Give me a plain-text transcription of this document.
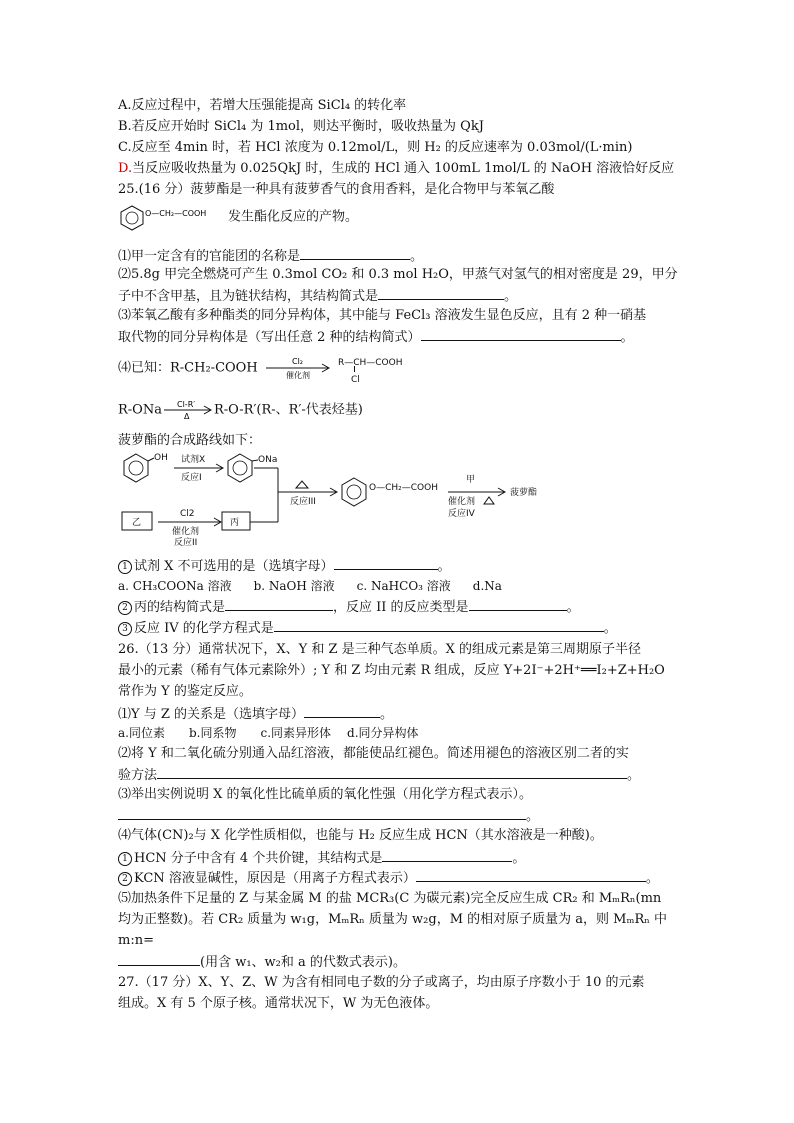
A.反应过程中，若增大压强能提高 SiCl₄ 的转化率
B.若反应开始时 SiCl₄ 为 1mol，则达平衡时，吸收热量为 QkJ
C.反应至 4min 时，若 HCl 浓度为 0.12mol/L，则 H₂ 的反应速率为 0.03mol/(L·min)
D.当反应吸收热量为 0.025QkJ 时，生成的 HCl 通入 100mL 1mol/L 的 NaOH 溶液恰好反应
25.(16 分）菠萝酯是一种具有菠萝香气的食用香料，是化合物甲与苯氧乙酸
O—CH₂—COOH 发生酯化反应的产物。
⑴甲一定含有的官能团的名称是	。
⑵5.8g 甲完全燃烧可产生 0.3mol CO₂ 和 0.3 mol H₂O，甲蒸气对氢气的相对密度是 29，甲分
子中不含甲基，且为链状结构，其结构简式是	。
⑶苯氧乙酸有多种酯类的同分异构体，其中能与 FeCl₃ 溶液发生显色反应，且有 2 种一硝基
取代物的同分异构体是（写出任意 2 种的结构简式）	。
⑷已知：R-CH₂-COOH	Cl₂
催化剂

R—CH—COOH
Cl
R-ONa Cl-R′
Δ R-O-R′(R-、R′-代表烃基)
菠萝酯的合成路线如下：
OH 试剂X
反应I
ONa
反应III
乙
Cl2
催化剂
反应II
丙
O—CH₂—COOH
甲
催化剂
反应IV
菠萝酯
1 试剂 X 不可选用的是（选填字母）	。
a. CH₃COONa 溶液 b. NaOH 溶液 c. NaHCO₃ 溶液 d.Na
2 丙的结构简式是	，反应 II 的反应类型是	。
3 反应 IV 的化学方程式是	。
26.（13 分）通常状况下，X、Y 和 Z 是三种气态单质。X 的组成元素是第三周期原子半径
最小的元素（稀有气体元素除外）; Y 和 Z 均由元素 R 组成，反应 Y+2I⁻+2H⁺══I₂+Z+H₂O
常作为 Y 的鉴定反应。
⑴Y 与 Z 的关系是（选填字母）	。
a.同位素 b.同系物 c.同素异形体 d.同分异构体
⑵将 Y 和二氧化硫分别通入品红溶液，都能使品红褪色。简述用褪色的溶液区别二者的实
验方法	。
⑶举出实例说明 X 的氧化性比硫单质的氧化性强（用化学方程式表示）。
。
⑷气体(CN)₂与 X 化学性质相似，也能与 H₂ 反应生成 HCN（其水溶液是一种酸)。
1 HCN 分子中含有 4 个共价键，其结构式是	。
2 KCN 溶液显碱性，原因是（用离子方程式表示）	。
⑸加热条件下足量的 Z 与某金属 M 的盐 MCR₃(C 为碳元素)完全反应生成 CR₂ 和 MₘRₙ(mn
均为正整数)。若 CR₂ 质量为 w₁g，MₘRₙ 质量为 w₂g，M 的相对原子质量为 a，则 MₘRₙ 中
m:n=
(用含 w₁、w₂和 a 的代数式表示)。
27.（17 分）X、Y、Z、W 为含有相同电子数的分子或离子，均由原子序数小于 10 的元素
组成。X 有 5 个原子核。通常状况下，W 为无色液体。
